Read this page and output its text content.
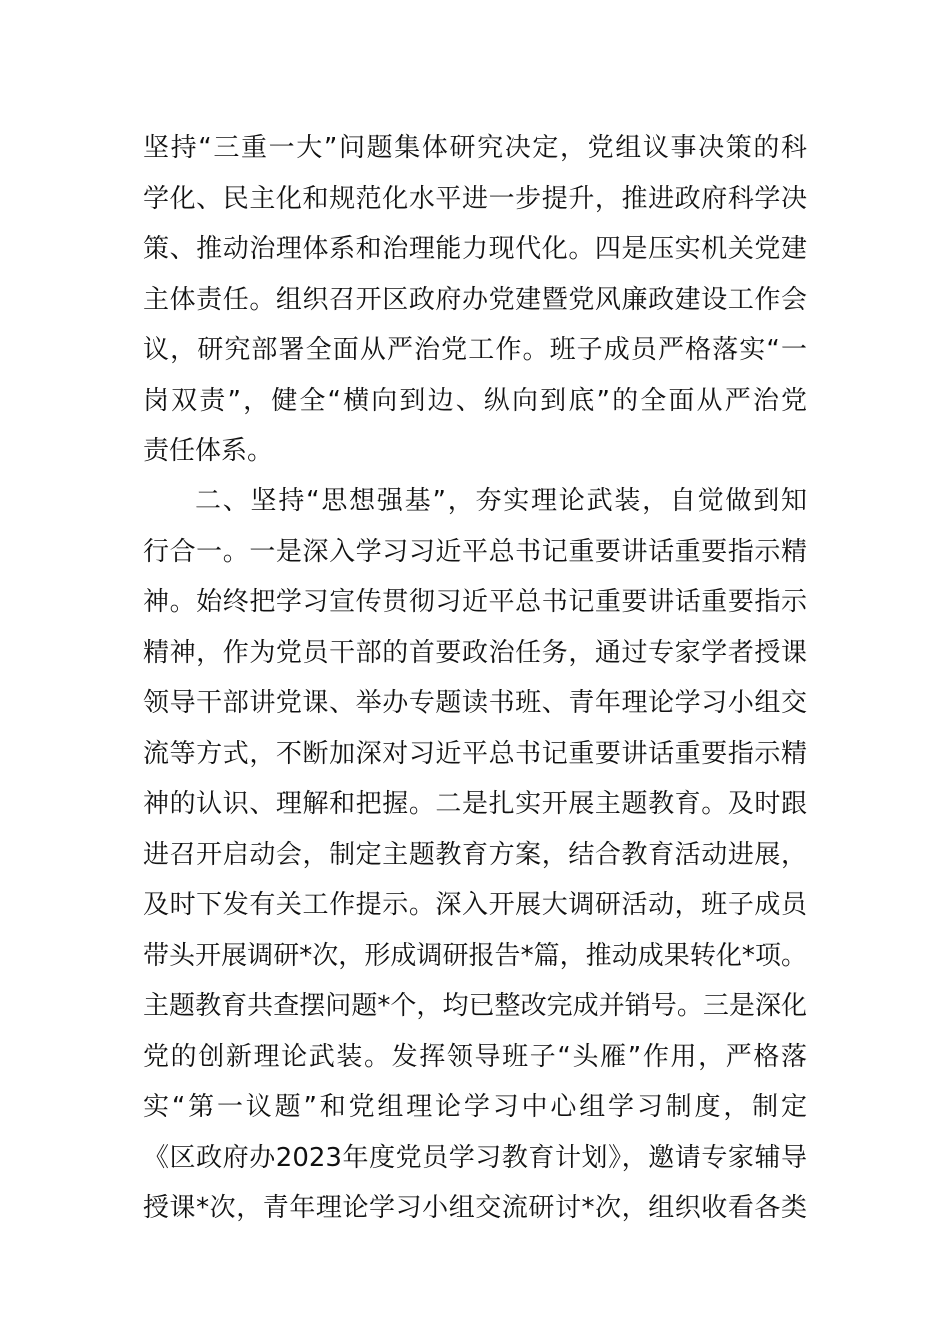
坚持“三重一大”问题集体研究决定，党组议事决策的科
学化、民主化和规范化水平进一步提升，推进政府科学决
策、推动治理体系和治理能力现代化。四是压实机关党建
主体责任。组织召开区政府办党建暨党风廉政建设工作会
议，研究部署全面从严治党工作。班子成员严格落实“一
岗双责”，健全“横向到边、纵向到底”的全面从严治党
责任体系。
二、坚持“思想强基”，夯实理论武装，自觉做到知
行合一。一是深入学习习近平总书记重要讲话重要指示精
神。始终把学习宣传贯彻习近平总书记重要讲话重要指示
精神，作为党员干部的首要政治任务，通过专家学者授课
领导干部讲党课、举办专题读书班、青年理论学习小组交
流等方式，不断加深对习近平总书记重要讲话重要指示精
神的认识、理解和把握。二是扎实开展主题教育。及时跟
进召开启动会，制定主题教育方案，结合教育活动进展，
及时下发有关工作提示。深入开展大调研活动，班子成员
带头开展调研*次，形成调研报告*篇，推动成果转化*项。
主题教育共查摆问题*个，均已整改完成并销号。三是深化
党的创新理论武装。发挥领导班子“头雁”作用，严格落
实“第一议题”和党组理论学习中心组学习制度，制定
《区政府办2023年度党员学习教育计划》，邀请专家辅导
授课*次，青年理论学习小组交流研讨*次，组织收看各类
